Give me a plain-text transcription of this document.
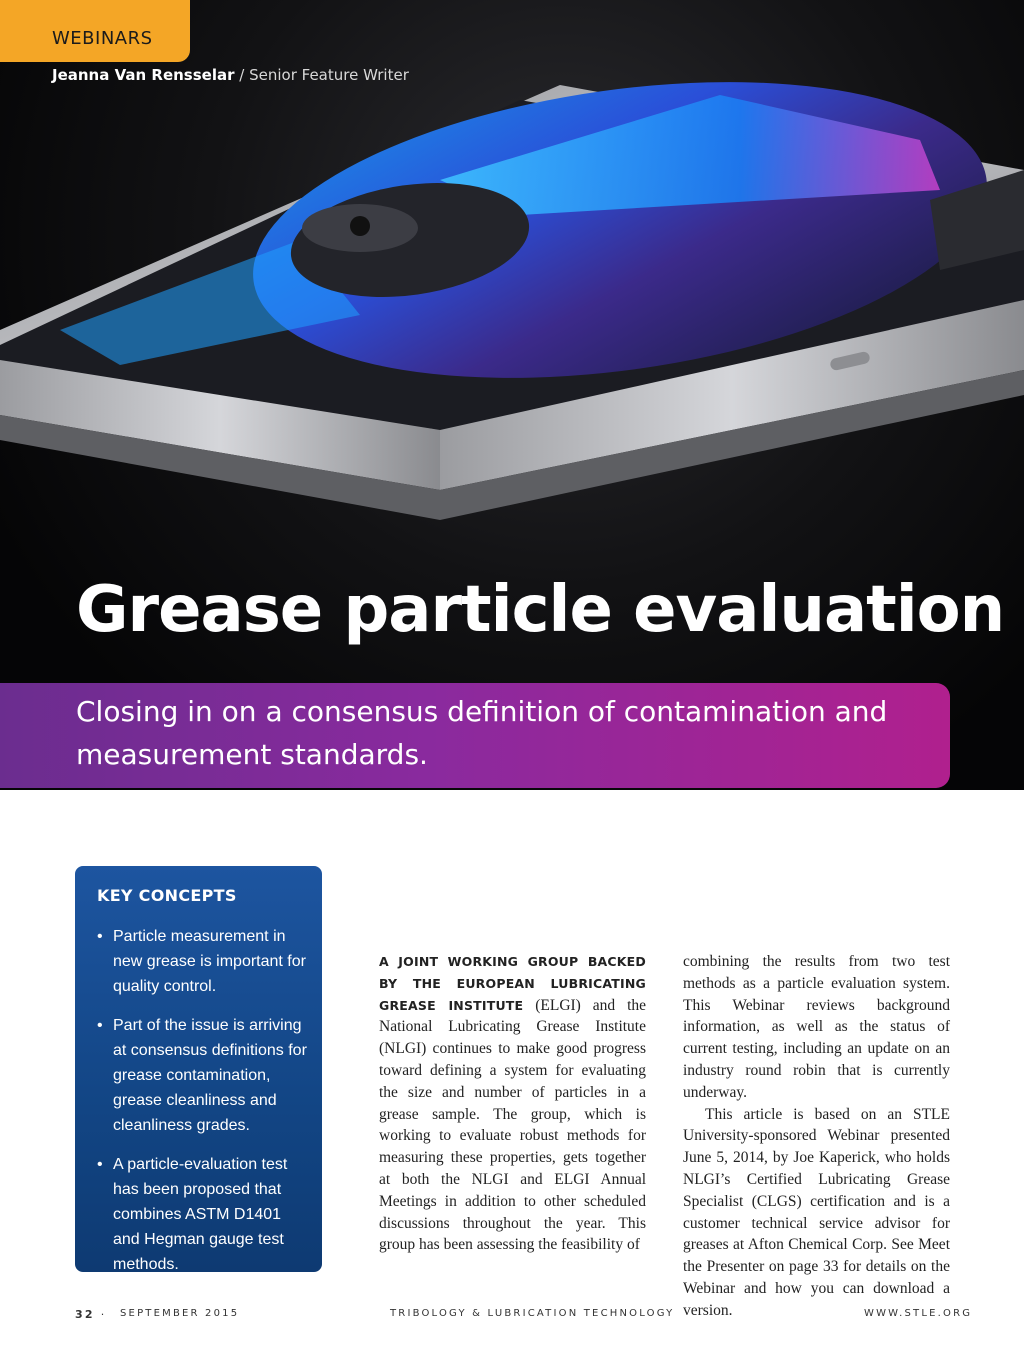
WEBINARS
Jeanna Van Rensselar / Senior Feature Writer
Grease particle evaluation
Closing in on a consensus definition of contamination and measurement standards.
KEY CONCEPTS
• Particle measurement in new grease is important for quality control.
• Part of the issue is arriving at consensus definitions for grease contamination, grease cleanliness and cleanliness grades.
• A particle-evaluation test has been proposed that combines ASTM D1401 and Hegman gauge test methods.

A JOINT WORKING GROUP BACKED BY THE EUROPEAN LUBRICATING GREASE INSTITUTE (ELGI) and the National Lubricating Grease Institute (NLGI) continues to make good progress toward defining a system for evaluating the size and number of particles in a grease sample. The group, which is working to evaluate robust methods for measuring these properties, gets together at both the NLGI and ELGI Annual Meetings in addition to other scheduled discussions throughout the year. This group has been assessing the feasibility of

combining the results from two test methods as a particle evaluation system. This Webinar reviews background information, as well as the status of current testing, including an update on an industry round robin that is currently underway.

This article is based on an STLE University-sponsored Webinar presented June 5, 2014, by Joe Kaperick, who holds NLGI’s Certified Lubricating Grease Specialist (CLGS) certification and is a customer technical service advisor for greases at Afton Chemical Corp. See Meet the Presenter on page 33 for details on the Webinar and how you can download a version.

32 · SEPTEMBER 2015	TRIBOLOGY & LUBRICATION TECHNOLOGY	WWW.STLE.ORG
